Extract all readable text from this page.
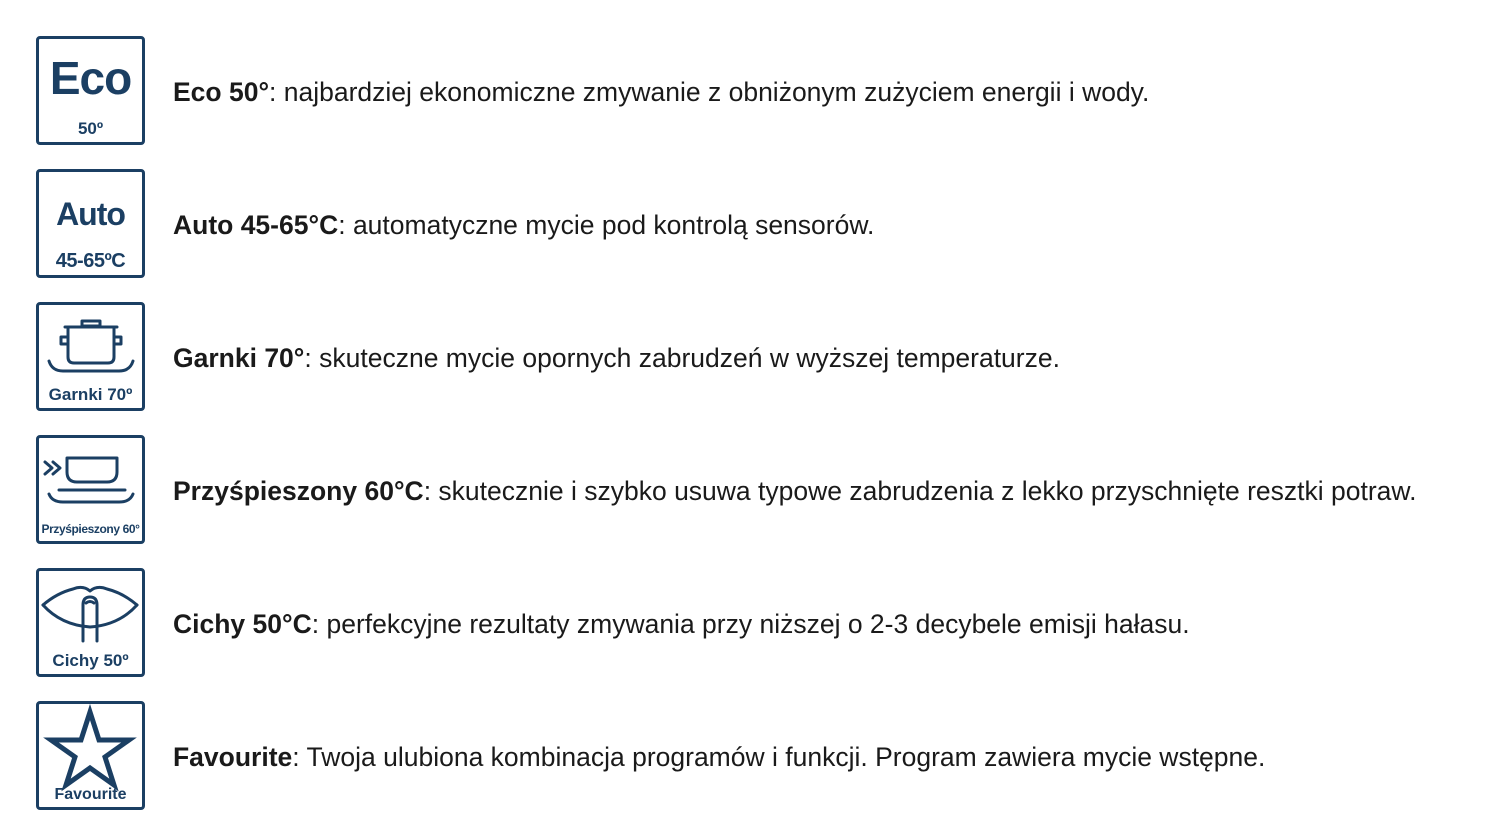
Eco
50º
Eco 50°: najbardziej ekonomiczne zmywanie z obniżonym zużyciem energii i wody.
Auto
45-65ºC
Auto 45-65°C: automatyczne mycie pod kontrolą sensorów.
Garnki 70º
Garnki 70°: skuteczne mycie opornych zabrudzeń w wyższej temperaturze.
Przyśpieszony 60°
Przyśpieszony 60°C: skutecznie i szybko usuwa typowe zabrudzenia z lekko przyschnięte resztki potraw.
Cichy 50º
Cichy 50°C: perfekcyjne rezultaty zmywania przy niższej o 2-3 decybele emisji hałasu.
Favourite
Favourite: Twoja ulubiona kombinacja programów i funkcji. Program zawiera mycie wstępne.
